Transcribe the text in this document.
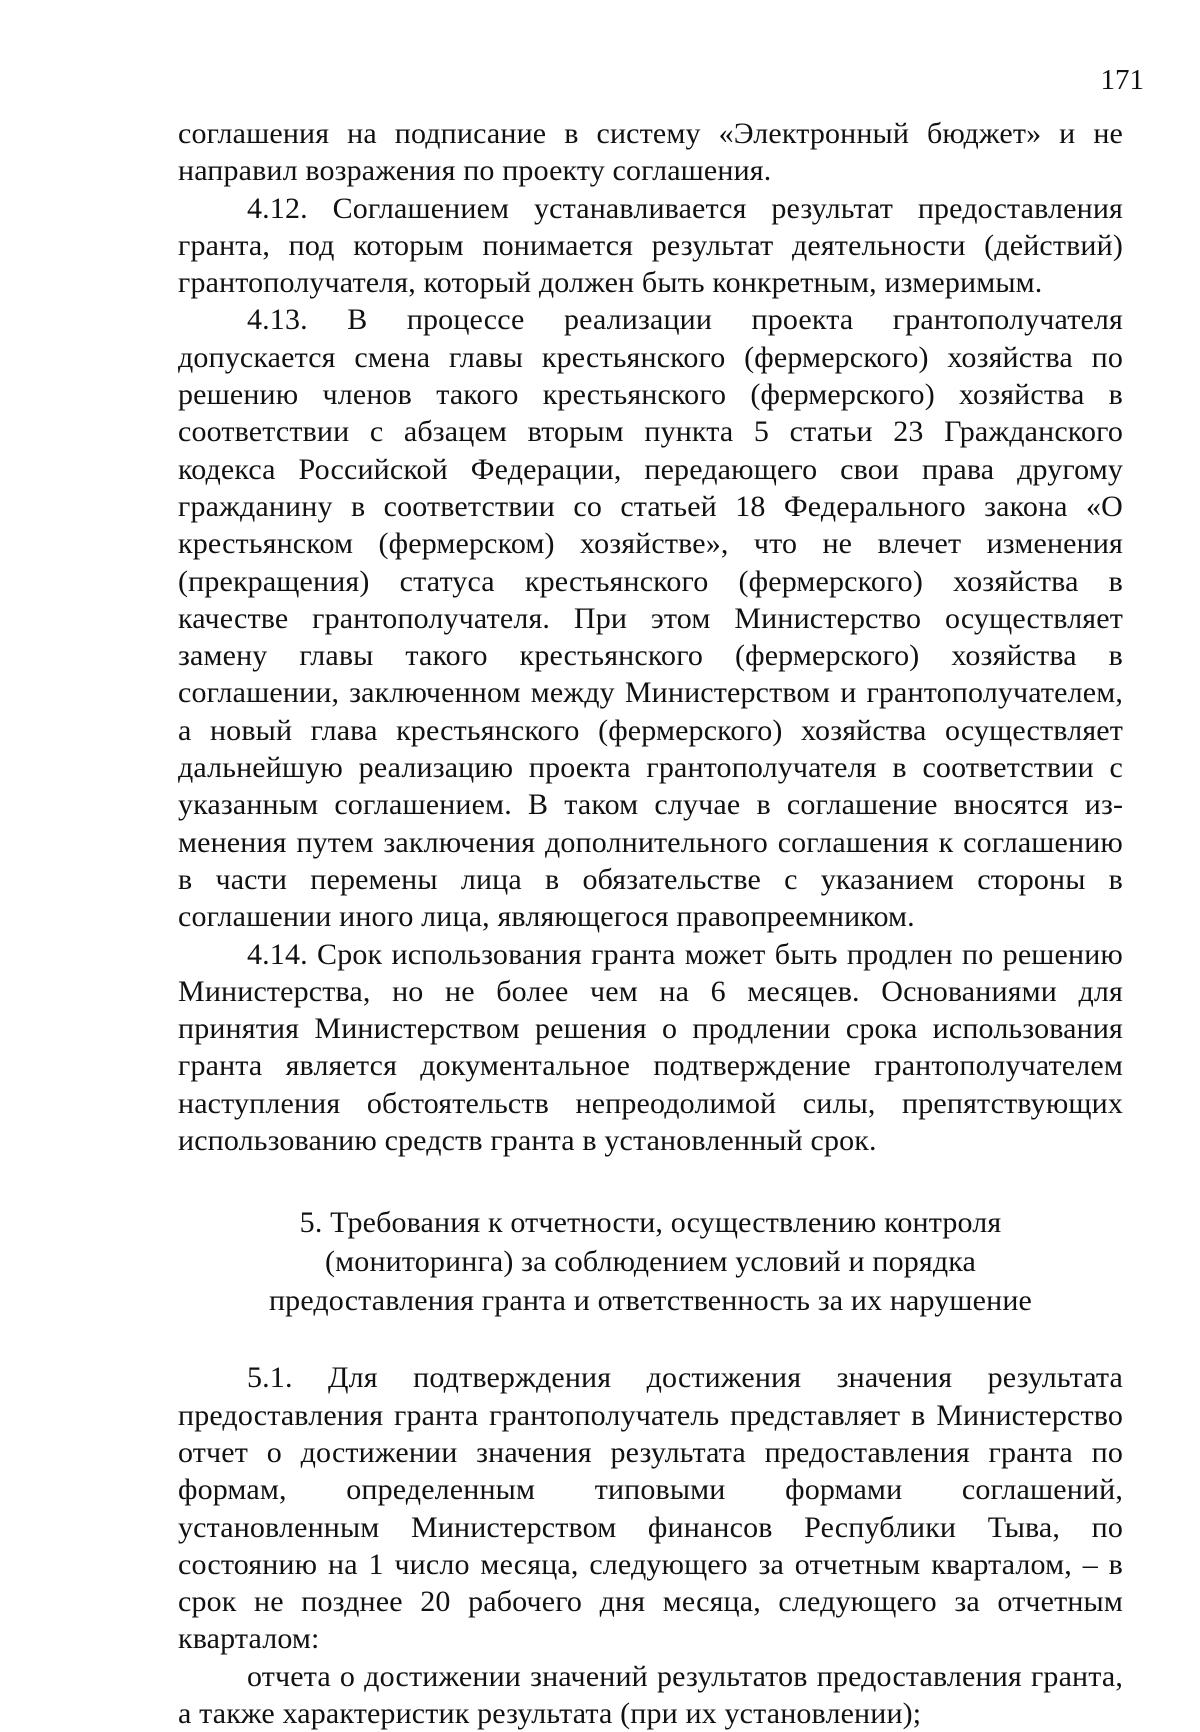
171

соглашения на подписание в систему «Электронный бюджет» и не направил возражения по проекту соглашения.

4.12. Соглашением устанавливается результат предоставления гранта, под которым понимается результат деятельности (действий) грантополучателя, который должен быть конкретным, измеримым.

4.13. В процессе реализации проекта грантополучателя допускается смена главы крестьянского (фермерского) хозяйства по решению членов такого крестьянского (фермерского) хозяйства в соответствии с абзацем вторым пункта 5 статьи 23 Гражданского кодекса Российской Федерации, передающего свои права другому гражданину в соответствии со статьей 18 Федерального закона «О крестьянском (фермерском) хозяйстве», что не влечет изменения (прекращения) статуса крестьянского (фермерского) хозяйства в качестве грантополучателя. При этом Министерство осуществляет замену главы такого крестьянского (фермерского) хозяйства в соглашении, заключенном между Министерством и грантополучателем, а новый глава крестьянского (фермерского) хозяйства осуществляет дальнейшую реализацию проекта грантополучателя в соответствии с указанным соглашением. В таком случае в соглашение вносятся изменения путем заключения дополнительного соглашения к соглашению в части перемены лица в обязательстве с указанием стороны в соглашении иного лица, являющегося правопреемником.

4.14. Срок использования гранта может быть продлен по решению Министерства, но не более чем на 6 месяцев. Основаниями для принятия Министерством решения о продлении срока использования гранта является документальное подтверждение грантополучателем наступления обстоятельств непреодолимой силы, препятствующих использованию средств гранта в установленный срок.

5. Требования к отчетности, осуществлению контроля
(мониторинга) за соблюдением условий и порядка
предоставления гранта и ответственность за их нарушение

5.1. Для подтверждения достижения значения результата предоставления гранта грантополучатель представляет в Министерство отчет о достижении значения результата предоставления гранта по формам, определенным типовыми формами соглашений, установленным Министерством финансов Республики Тыва, по состоянию на 1 число месяца, следующего за отчетным кварталом, – в срок не позднее 20 рабочего дня месяца, следующего за отчетным кварталом:

отчета о достижении значений результатов предоставления гранта, а также характеристик результата (при их установлении);
